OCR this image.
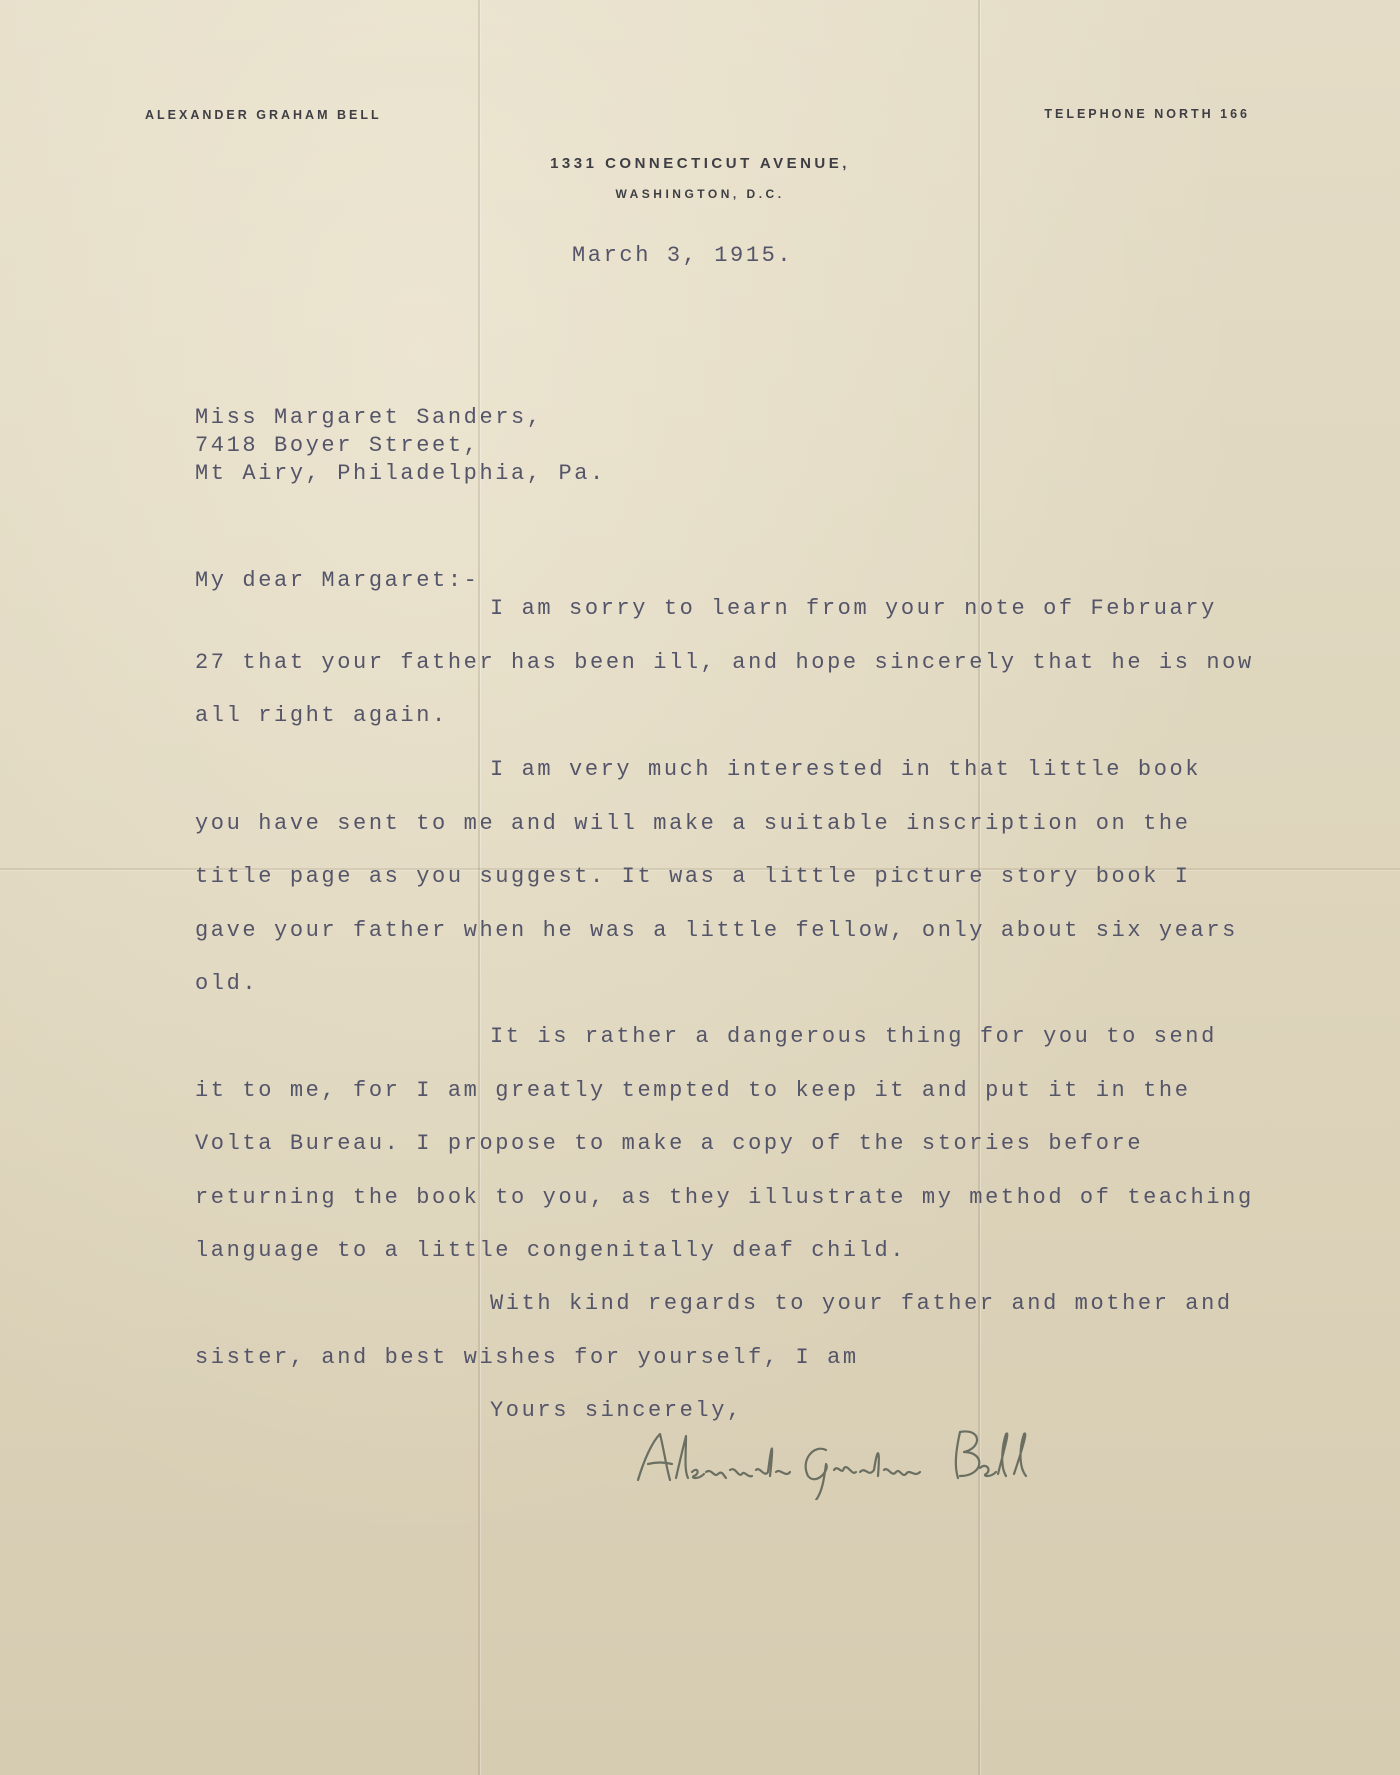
ALEXANDER GRAHAM BELL	TELEPHONE NORTH 166
1331 CONNECTICUT AVENUE,
WASHINGTON, D.C.
March 3, 1915.
Miss Margaret Sanders,
7418 Boyer Street,
Mt Airy, Philadelphia, Pa.
My dear Margaret:-

I am sorry to learn from your note of February 27 that your father has been ill, and hope sincerely that he is now all right again.

I am very much interested in that little book you have sent to me and will make a suitable inscription on the title page as you suggest. It was a little picture story book I gave your father when he was a little fellow, only about six years old.

It is rather a dangerous thing for you to send it to me, for I am greatly tempted to keep it and put it in the Volta Bureau. I propose to make a copy of the stories before returning the book to you, as they illustrate my method of teaching language to a little congenitally deaf child.

With kind regards to your father and mother and sister, and best wishes for yourself, I am

Yours sincerely,
